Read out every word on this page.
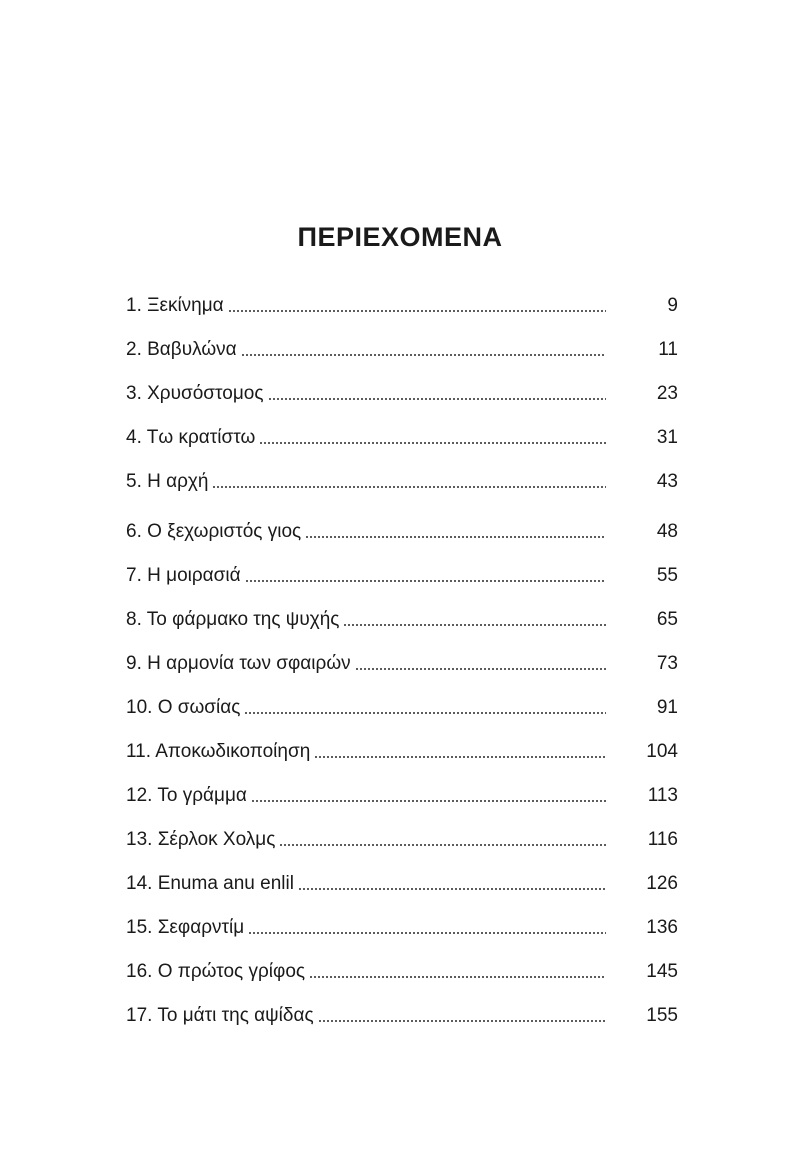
ΠΕΡΙΕΧΟΜΕΝΑ
1. Ξεκίνημα	9
2. Βαβυλώνα	11
3. Χρυσόστομος	23
4. Τω κρατίστω	31
5. Η αρχή	43
6. Ο ξεχωριστός γιος	48
7. Η μοιρασιά	55
8. Το φάρμακο της ψυχής	65
9. Η αρμονία των σφαιρών	73
10. Ο σωσίας	91
11. Αποκωδικοποίηση	104
12. Το γράμμα	113
13. Σέρλοκ Χολμς	116
14. Enuma anu enlil	126
15. Σεφαρντίμ	136
16. Ο πρώτος γρίφος	145
17. Το μάτι της αψίδας	155
